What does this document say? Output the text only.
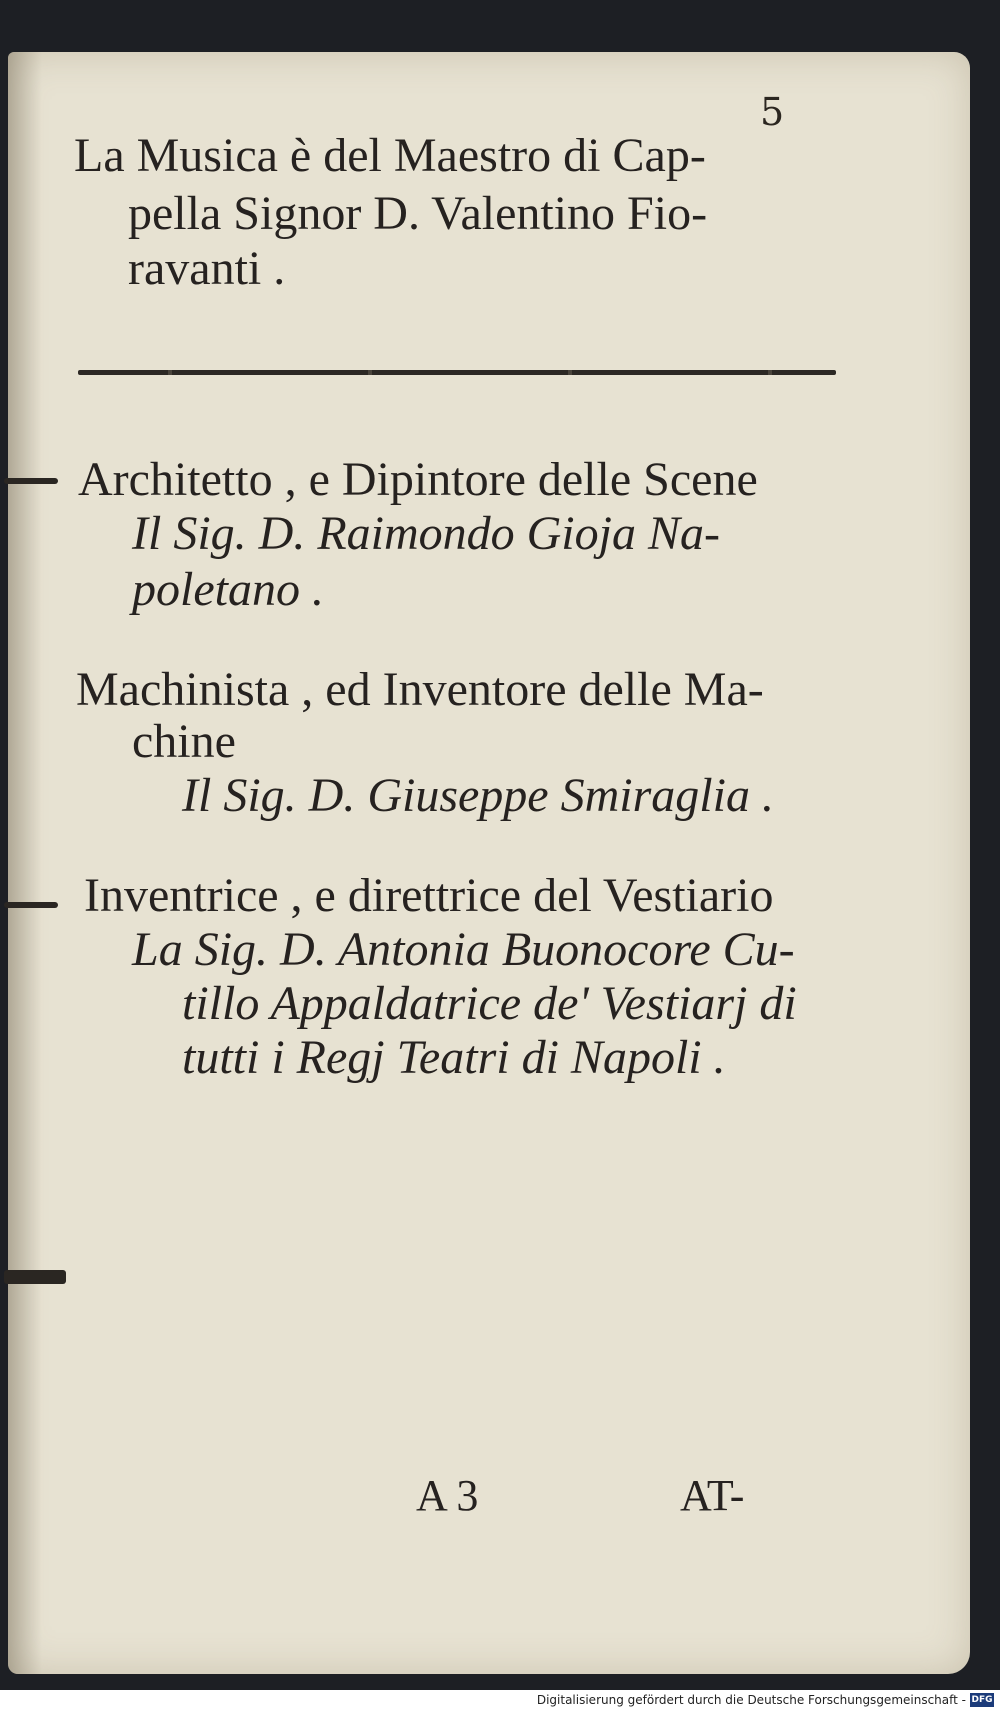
5
La Musica è del Maestro di Cap-
pella Signor D. Valentino Fio-
ravanti .
Architetto , e Dipintore delle Scene
Il Sig. D. Raimondo Gioja Na-
poletano .
Machinista , ed Inventore delle Ma-
chine
Il Sig. D. Giuseppe Smiraglia .
Inventrice , e direttrice del Vestiario
La Sig. D. Antonia Buonocore Cu-
tillo Appaldatrice de' Vestiarj di
tutti i Regj Teatri di Napoli .
A 3	AT-
Digitalisierung gefördert durch die Deutsche Forschungsgemeinschaft - DFG
